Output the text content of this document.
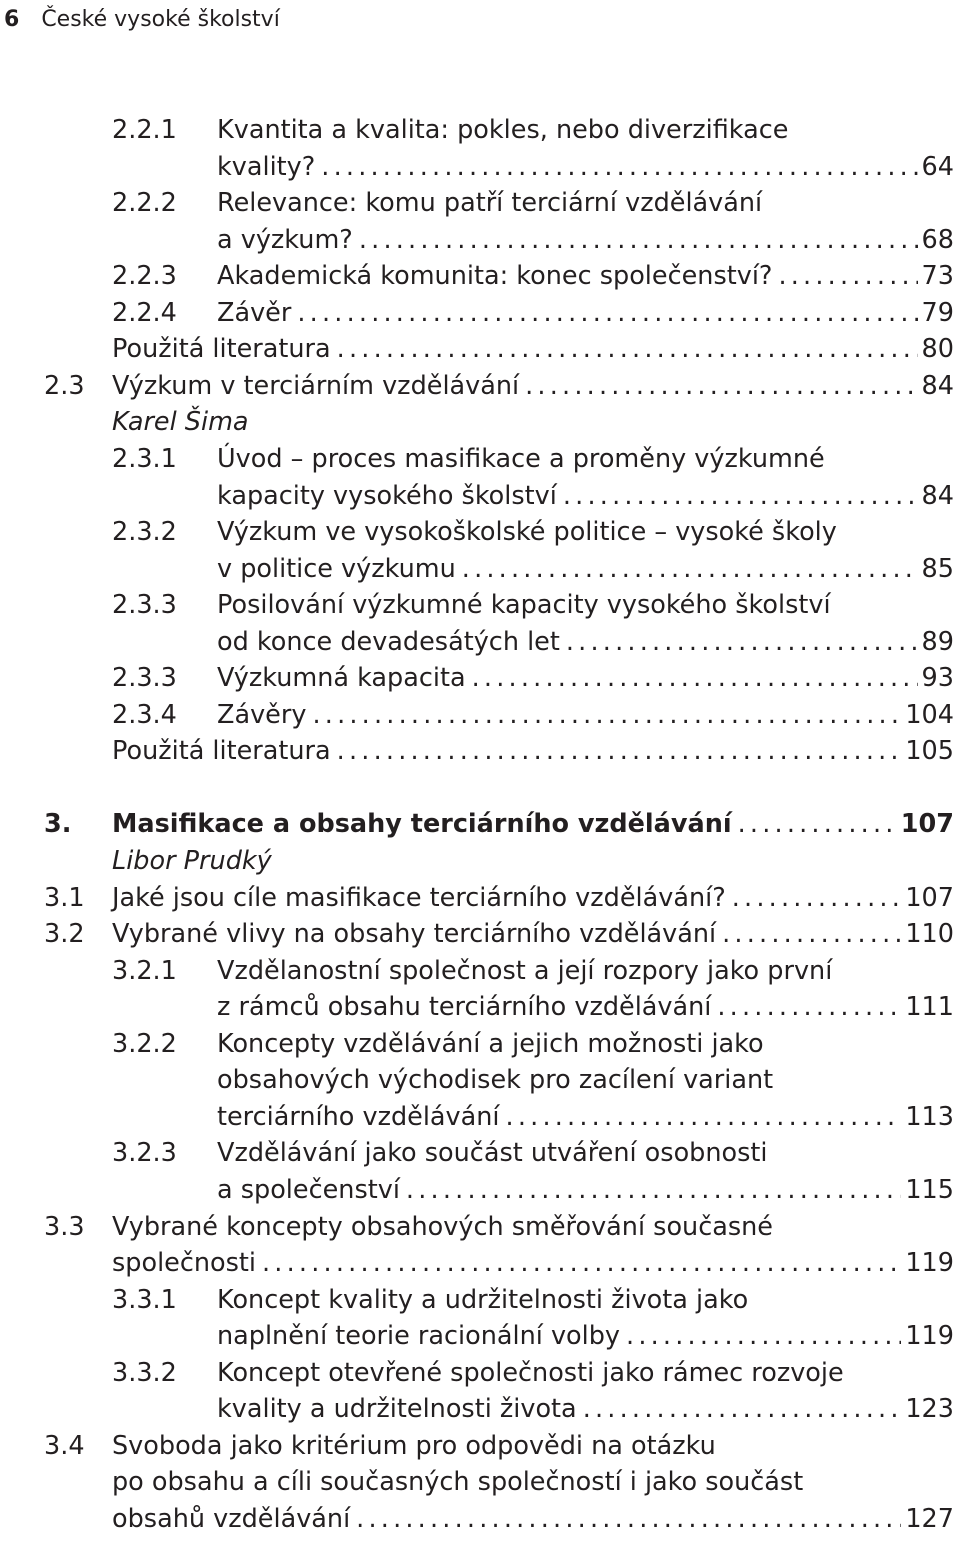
6 České vysoké školství
2.2.1 Kvantita a kvalita: pokles, nebo diverzifikace
kvality? .....	64
2.2.2 Relevance: komu patří terciární vzdělávání
a výzkum? .....	68
2.2.3 Akademická komunita: konec společenství? .....	73
2.2.4 Závěr .....	79
Použitá literatura .....	80
2.3 Výzkum v terciárním vzdělávání .....	84
Karel Šima
2.3.1 Úvod – proces masifikace a proměny výzkumné
kapacity vysokého školství .....	84
2.3.2 Výzkum ve vysokoškolské politice – vysoké školy
v politice výzkumu .....	85
2.3.3 Posilování výzkumné kapacity vysokého školství
od konce devadesátých let .....	89
2.3.3 Výzkumná kapacita .....	93
2.3.4 Závěry .....	104
Použitá literatura .....	105
3. Masifikace a obsahy terciárního vzdělávání .....	107
Libor Prudký
3.1 Jaké jsou cíle masifikace terciárního vzdělávání? .....	107
3.2 Vybrané vlivy na obsahy terciárního vzdělávání .....	110
3.2.1 Vzdělanostní společnost a její rozpory jako první
z rámců obsahu terciárního vzdělávání .....	111
3.2.2 Koncepty vzdělávání a jejich možnosti jako
obsahových východisek pro zacílení variant
terciárního vzdělávání .....	113
3.2.3 Vzdělávání jako součást utváření osobnosti
a společenství .....	115
3.3 Vybrané koncepty obsahových směřování současné
společnosti .....	119
3.3.1 Koncept kvality a udržitelnosti života jako
naplnění teorie racionální volby .....	119
3.3.2 Koncept otevřené společnosti jako rámec rozvoje
kvality a udržitelnosti života .....	123
3.4 Svoboda jako kritérium pro odpovědi na otázku
po obsahu a cíli současných společností i jako součást
obsahů vzdělávání .....	127
